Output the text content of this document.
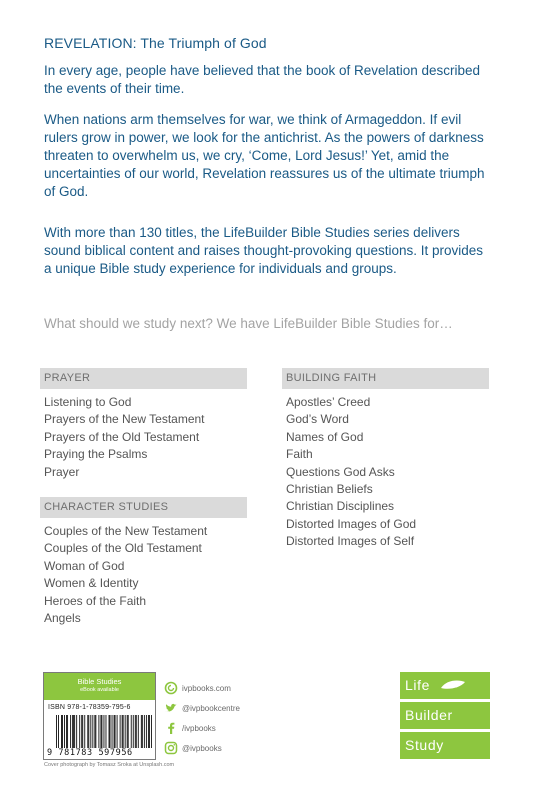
REVELATION: The Triumph of God
In every age, people have believed that the book of Revelation described the events of their time.
When nations arm themselves for war, we think of Armageddon. If evil rulers grow in power, we look for the antichrist. As the powers of darkness threaten to overwhelm us, we cry, ‘Come, Lord Jesus!’ Yet, amid the uncertainties of our world, Revelation reassures us of the ultimate triumph of God.
With more than 130 titles, the LifeBuilder Bible Studies series delivers sound biblical content and raises thought-provoking questions. It provides a unique Bible study experience for individuals and groups.
What should we study next? We have LifeBuilder Bible Studies for…
PRAYER
Listening to God
Prayers of the New Testament
Prayers of the Old Testament
Praying the Psalms
Prayer
BUILDING FAITH
Apostles’ Creed
God’s Word
Names of God
Faith
Questions God Asks
Christian Beliefs
Christian Disciplines
Distorted Images of God
Distorted Images of Self
CHARACTER STUDIES
Couples of the New Testament
Couples of the Old Testament
Woman of God
Women & Identity
Heroes of the Faith
Angels
Bible Studies
eBook available
ISBN 978-1-78359-795-6
9 781783 597956
Cover photograph by Tomasz Sroka at Unsplash.com
ivpbooks.com
@ivpbookcentre
/ivpbooks
@ivpbooks
Life
Builder
Study
